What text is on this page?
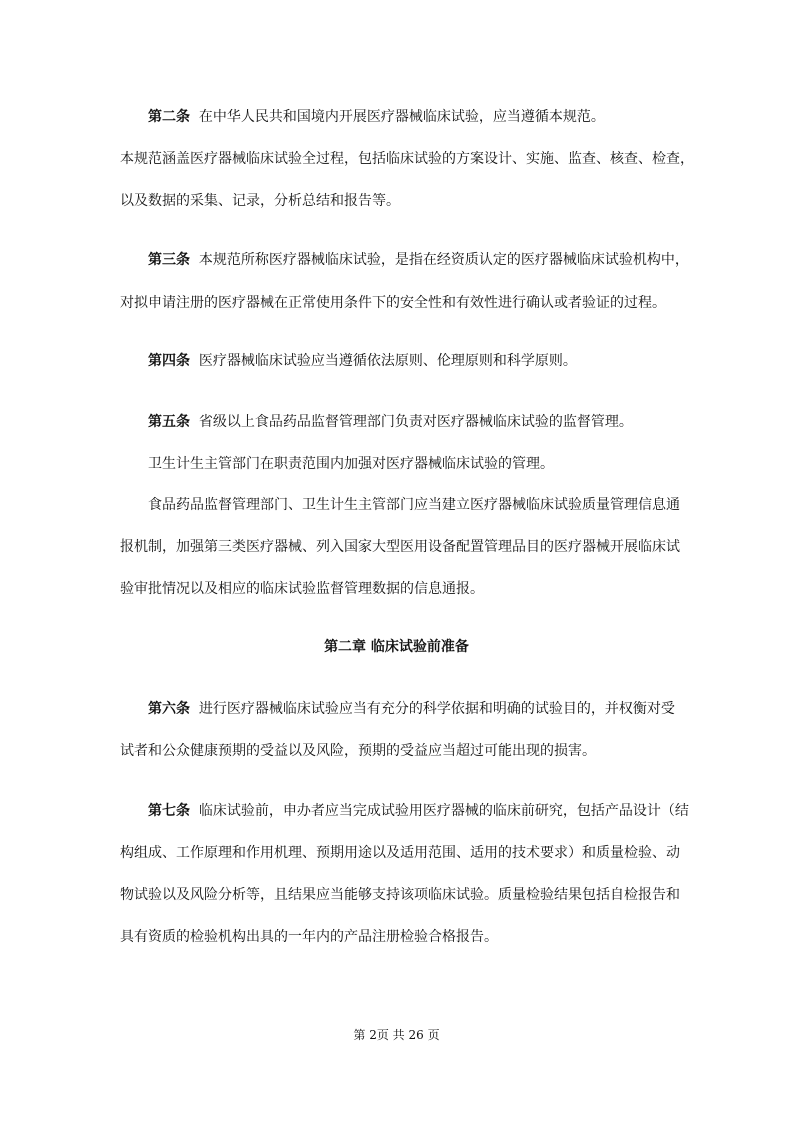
第二条 在中华人民共和国境内开展医疗器械临床试验，应当遵循本规范。
本规范涵盖医疗器械临床试验全过程，包括临床试验的方案设计、实施、监查、核查、检查，
以及数据的采集、记录，分析总结和报告等。
第三条 本规范所称医疗器械临床试验，是指在经资质认定的医疗器械临床试验机构中，
对拟申请注册的医疗器械在正常使用条件下的安全性和有效性进行确认或者验证的过程。
第四条 医疗器械临床试验应当遵循依法原则、伦理原则和科学原则。
第五条 省级以上食品药品监督管理部门负责对医疗器械临床试验的监督管理。
卫生计生主管部门在职责范围内加强对医疗器械临床试验的管理。
食品药品监督管理部门、卫生计生主管部门应当建立医疗器械临床试验质量管理信息通
报机制，加强第三类医疗器械、列入国家大型医用设备配置管理品目的医疗器械开展临床试
验审批情况以及相应的临床试验监督管理数据的信息通报。
第二章 临床试验前准备
第六条 进行医疗器械临床试验应当有充分的科学依据和明确的试验目的，并权衡对受
试者和公众健康预期的受益以及风险，预期的受益应当超过可能出现的损害。
第七条 临床试验前，申办者应当完成试验用医疗器械的临床前研究，包括产品设计（结
构组成、工作原理和作用机理、预期用途以及适用范围、适用的技术要求）和质量检验、动
物试验以及风险分析等，且结果应当能够支持该项临床试验。质量检验结果包括自检报告和
具有资质的检验机构出具的一年内的产品注册检验合格报告。
第 2页 共 26 页
